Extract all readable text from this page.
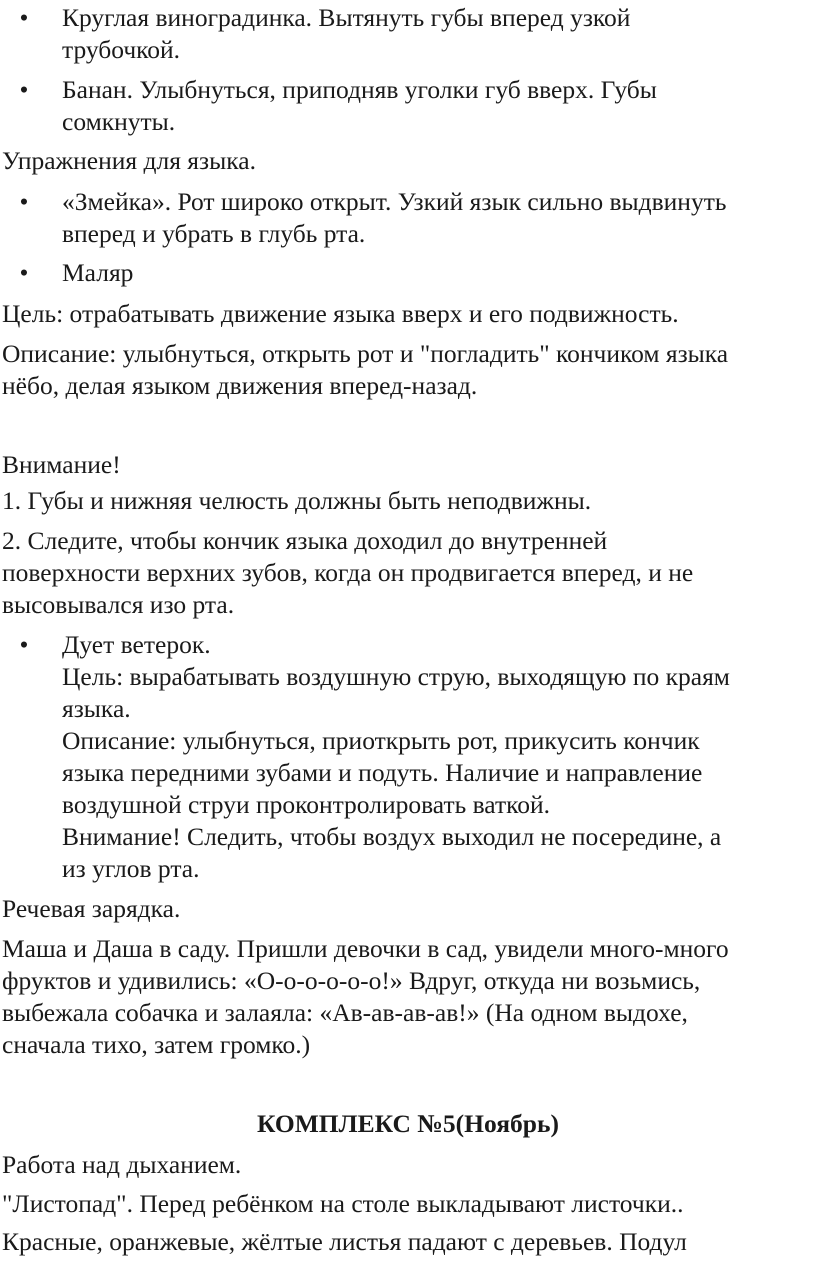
• Круглая виноградинка. Вытянуть губы вперед узкой
трубочкой.
• Банан. Улыбнуться, приподняв уголки губ вверх. Губы
сомкнуты.
Упражнения для языка.
• «Змейка». Рот широко открыт. Узкий язык сильно выдвинуть
вперед и убрать в глубь рта.
• Маляр
Цель: отрабатывать движение языка вверх и его подвижность.
Описание: улыбнуться, открыть рот и "погладить" кончиком языка
нёбо, делая языком движения вперед-назад.
Внимание!
1. Губы и нижняя челюсть должны быть неподвижны.
2. Следите, чтобы кончик языка доходил до внутренней
поверхности верхних зубов, когда он продвигается вперед, и не
высовывался изо рта.
• Дует ветерок.
Цель: вырабатывать воздушную струю, выходящую по краям
языка.
Описание: улыбнуться, приоткрыть рот, прикусить кончик
языка передними зубами и подуть. Наличие и направление
воздушной струи проконтролировать ваткой.
Внимание! Следить, чтобы воздух выходил не посередине, а
из углов рта.
Речевая зарядка.
Маша и Даша в саду. Пришли девочки в сад, увидели много-много
фруктов и удивились: «О-о-о-о-о-о!» Вдруг, откуда ни возьмись,
выбежала собачка и залаяла: «Ав-ав-ав-ав!» (На одном выдохе,
сначала тихо, затем громко.)
КОМПЛЕКС №5(Ноябрь)
Работа над дыханием.
"Листопад". Перед ребёнком на столе выкладывают листочки..
Красные, оранжевые, жёлтые листья падают с деревьев. Подул
